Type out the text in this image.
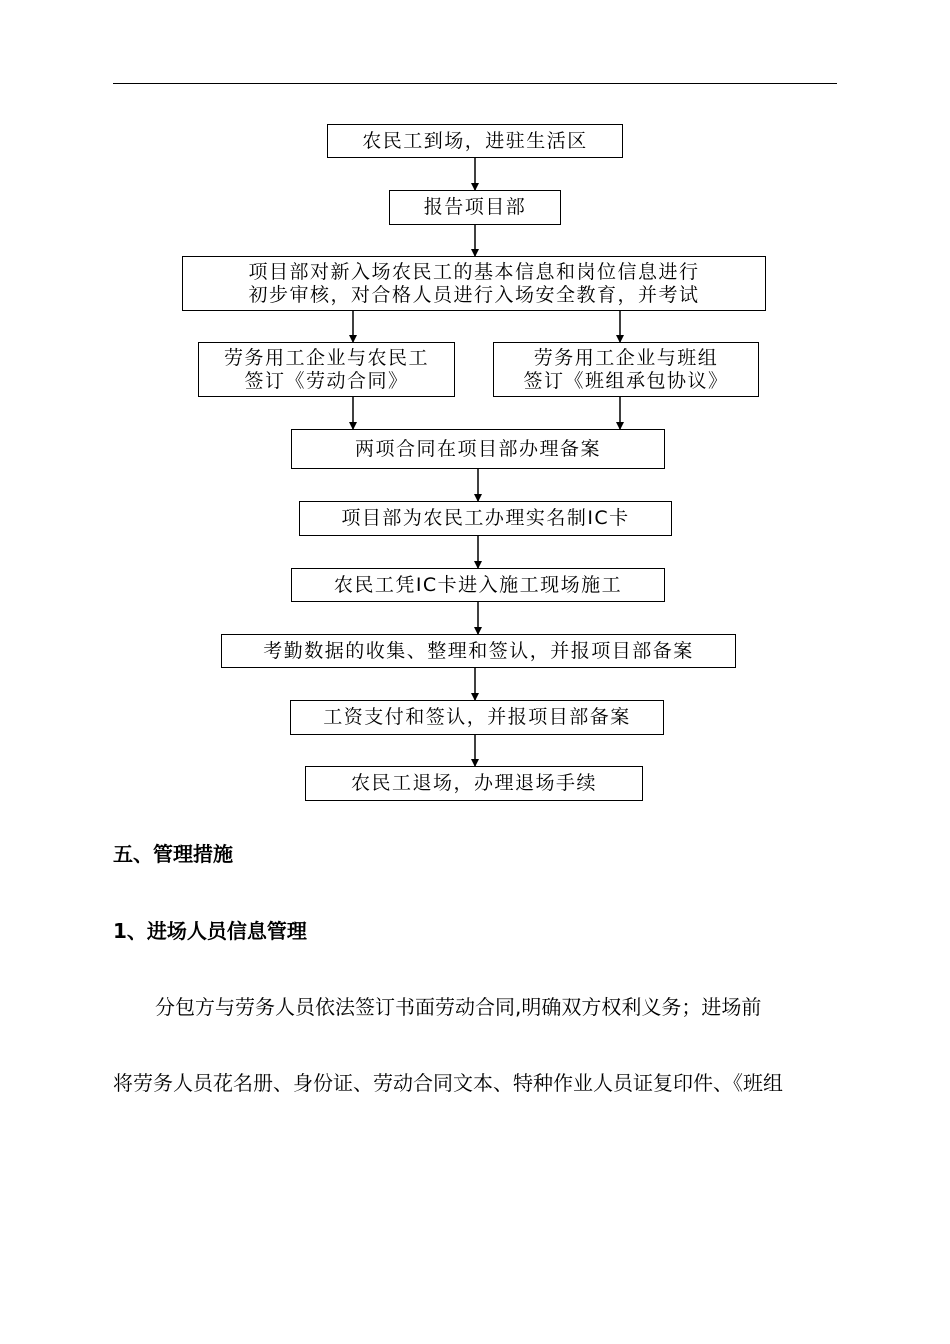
农民工到场，进驻生活区
报告项目部
项目部对新入场农民工的基本信息和岗位信息进行
初步审核，对合格人员进行入场安全教育，并考试
劳务用工企业与农民工
签订《劳动合同》
劳务用工企业与班组
签订《班组承包协议》
两项合同在项目部办理备案
项目部为农民工办理实名制IC卡
农民工凭IC卡进入施工现场施工
考勤数据的收集、整理和签认，并报项目部备案
工资支付和签认，并报项目部备案
农民工退场，办理退场手续
五、管理措施
1、进场人员信息管理
分包方与劳务人员依法签订书面劳动合同,明确双方权利义务；进场前
将劳务人员花名册、身份证、劳动合同文本、特种作业人员证复印件、《班组
